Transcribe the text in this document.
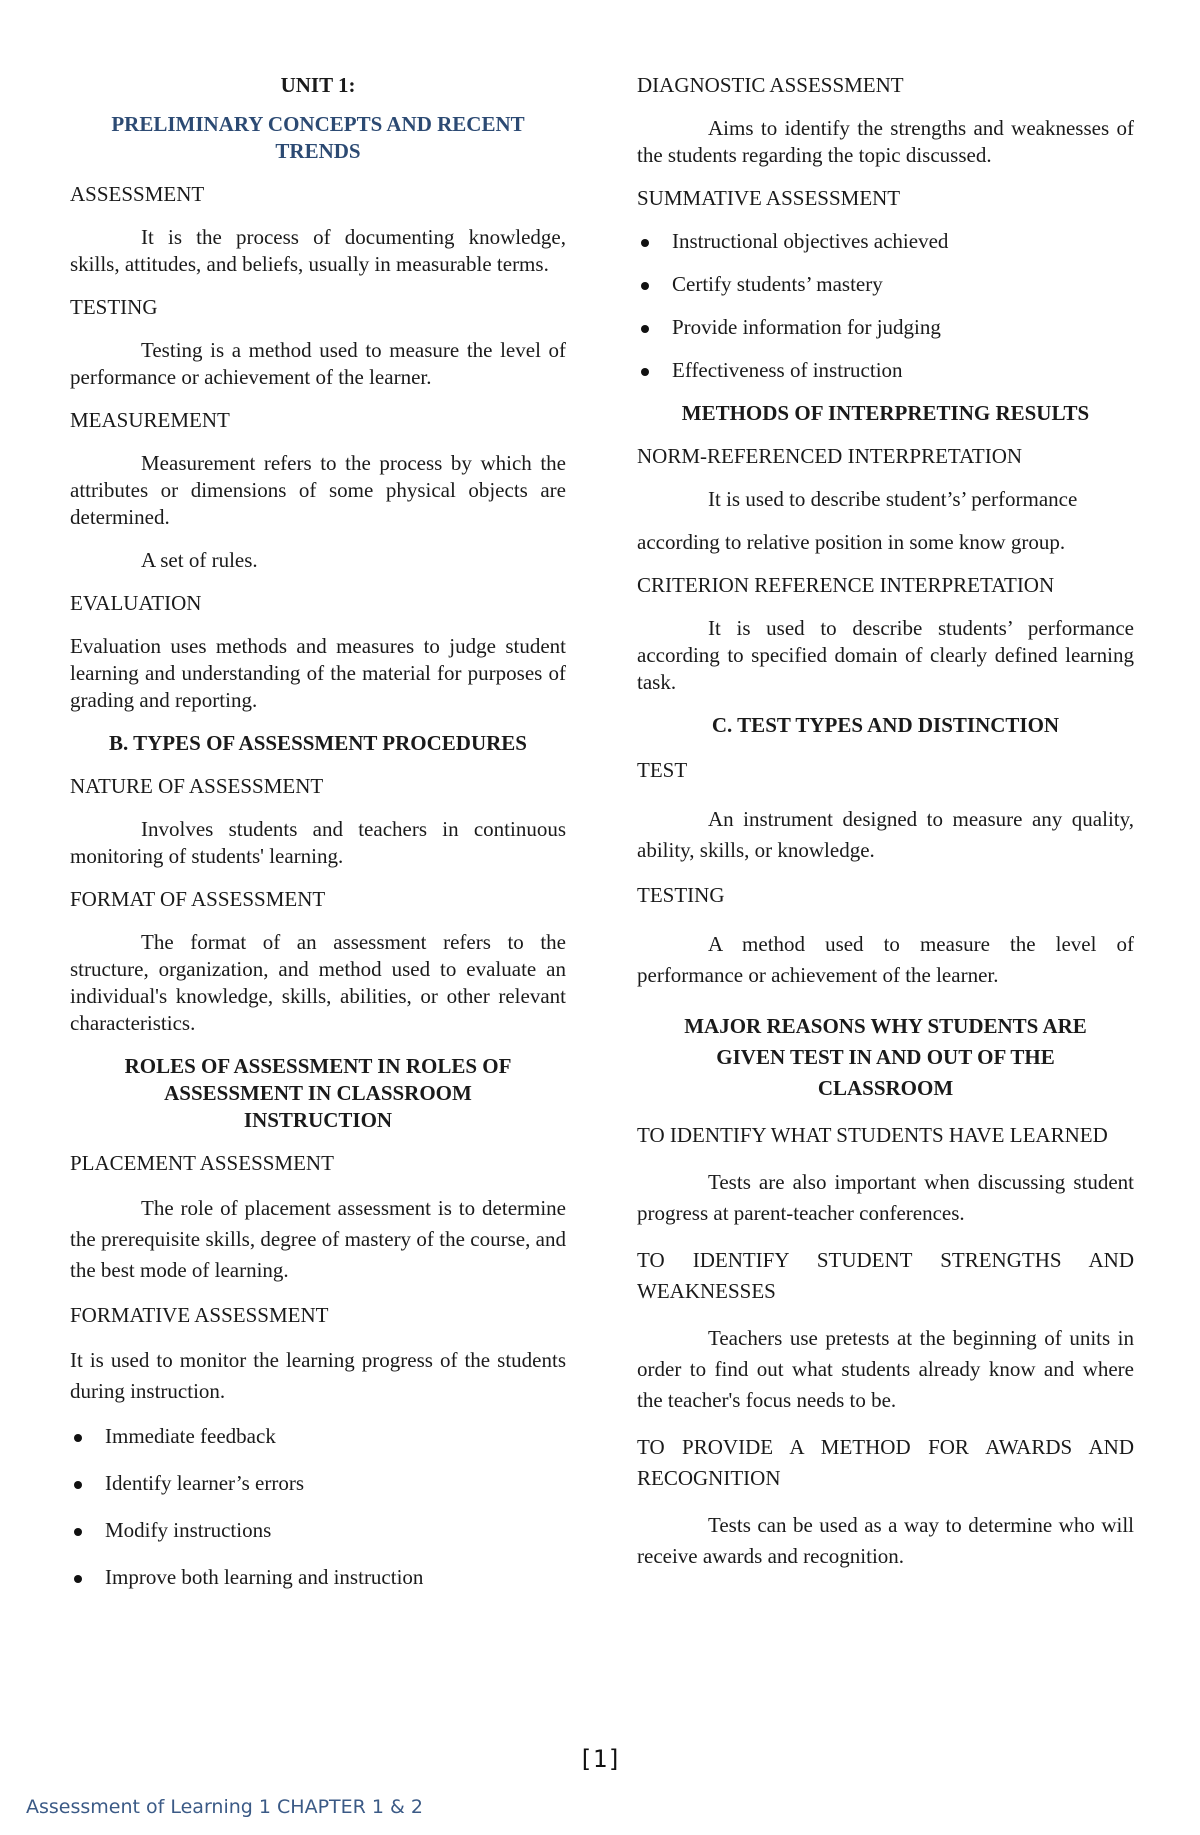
UNIT 1:
PRELIMINARY CONCEPTS AND RECENT TRENDS
ASSESSMENT

It is the process of documenting knowledge, skills, attitudes, and beliefs, usually in measurable terms.

TESTING

Testing is a method used to measure the level of performance or achievement of the learner.

MEASUREMENT

Measurement refers to the process by which the attributes or dimensions of some physical objects are determined.

A set of rules.

EVALUATION

Evaluation uses methods and measures to judge student learning and understanding of the material for purposes of grading and reporting.

B. TYPES OF ASSESSMENT PROCEDURES
NATURE OF ASSESSMENT

Involves students and teachers in continuous monitoring of students' learning.

FORMAT OF ASSESSMENT

The format of an assessment refers to the structure, organization, and method used to evaluate an individual's knowledge, skills, abilities, or other relevant characteristics.

ROLES OF ASSESSMENT IN ROLES OF ASSESSMENT IN CLASSROOM INSTRUCTION
PLACEMENT ASSESSMENT

The role of placement assessment is to determine the prerequisite skills, degree of mastery of the course, and the best mode of learning.

FORMATIVE ASSESSMENT

It is used to monitor the learning progress of the students during instruction.

Immediate feedback
Identify learner’s errors
Modify instructions
Improve both learning and instruction
DIAGNOSTIC ASSESSMENT

Aims to identify the strengths and weaknesses of the students regarding the topic discussed.

SUMMATIVE ASSESSMENT
Instructional objectives achieved
Certify students’ mastery
Provide information for judging
Effectiveness of instruction
METHODS OF INTERPRETING RESULTS
NORM-REFERENCED INTERPRETATION

It is used to describe student’s’ performance

according to relative position in some know group.

CRITERION REFERENCE INTERPRETATION

It is used to describe students’ performance according to specified domain of clearly defined learning task.

C. TEST TYPES AND DISTINCTION
TEST

An instrument designed to measure any quality, ability, skills, or knowledge.

TESTING

A method used to measure the level of performance or achievement of the learner.

MAJOR REASONS WHY STUDENTS ARE GIVEN TEST IN AND OUT OF THE CLASSROOM
TO IDENTIFY WHAT STUDENTS HAVE LEARNED

Tests are also important when discussing student progress at parent-teacher conferences.

TO IDENTIFY STUDENT STRENGTHS AND WEAKNESSES

Teachers use pretests at the beginning of units in order to find out what students already know and where the teacher's focus needs to be.

TO PROVIDE A METHOD FOR AWARDS AND RECOGNITION

Tests can be used as a way to determine who will receive awards and recognition.

[1]
Assessment of Learning 1 CHAPTER 1 & 2
